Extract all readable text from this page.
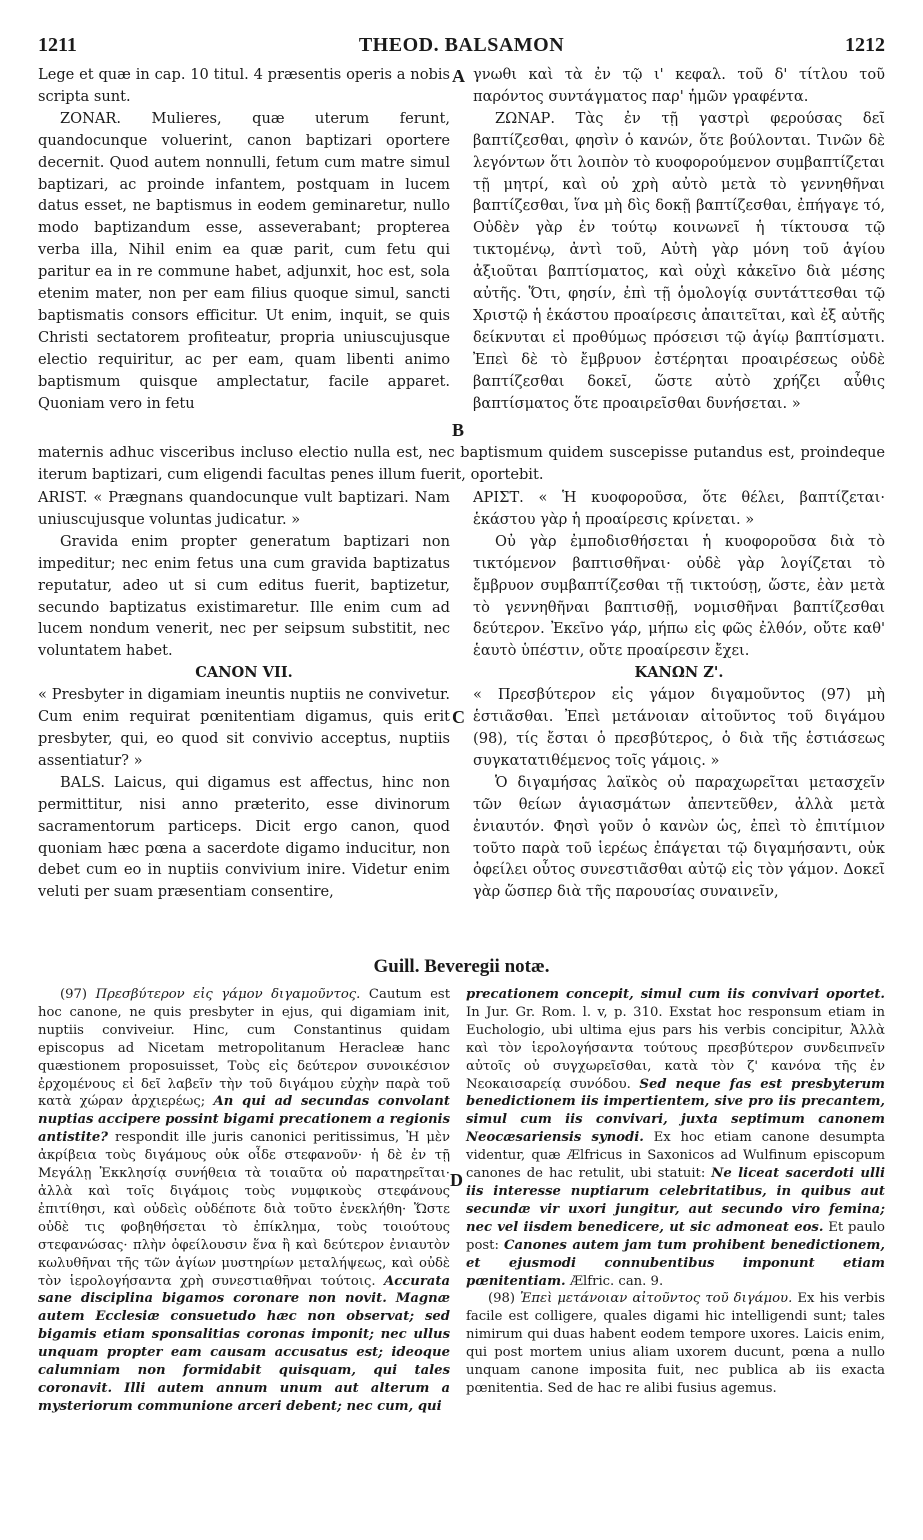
1211	THEOD. BALSAMON	1212
A
B
C
D

Lege et quæ in cap. 10 titul. 4 præsentis operis a nobis scripta sunt.

ZONAR. Mulieres, quæ uterum ferunt, quandocunque voluerint, canon baptizari oportere decernit. Quod autem nonnulli, fetum cum matre simul baptizari, ac proinde infantem, postquam in lucem datus esset, ne baptismus in eodem geminaretur, nullo modo baptizandum esse, asseverabant; propterea verba illa, Nihil enim ea quæ parit, cum fetu qui paritur ea in re commune habet, adjunxit, hoc est, sola etenim mater, non per eam filius quoque simul, sancti baptismatis consors efficitur. Ut enim, inquit, se quis Christi sectatorem profiteatur, propria uniuscujusque electio requiritur, ac per eam, quam libenti animo baptismum quisque amplectatur, facile apparet. Quoniam vero in fetu

γνωθι καὶ τὰ ἐν τῷ ι' κεφαλ. τοῦ δ' τίτλου τοῦ παρόντος συντάγματος παρ' ἡμῶν γραφέντα.

ΖΩΝΑΡ. Τὰς ἐν τῇ γαστρὶ φερούσας δεῖ βαπτίζεσθαι, φησὶν ὁ κανών, ὅτε βούλονται. Τινῶν δὲ λεγόντων ὅτι λοιπὸν τὸ κυοφορούμενον συμβαπτίζεται τῇ μητρί, καὶ οὐ χρὴ αὐτὸ μετὰ τὸ γεννηθῆναι βαπτίζεσθαι, ἵνα μὴ δὶς δοκῇ βαπτίζεσθαι, ἐπήγαγε τό, Οὐδὲν γὰρ ἐν τούτῳ κοινωνεῖ ἡ τίκτουσα τῷ τικτομένῳ, ἀντὶ τοῦ, Αὐτὴ γὰρ μόνη τοῦ ἁγίου ἀξιοῦται βαπτίσματος, καὶ οὐχὶ κἀκεῖνο διὰ μέσης αὐτῆς. Ὅτι, φησίν, ἐπὶ τῇ ὁμολογίᾳ συντάττεσθαι τῷ Χριστῷ ἡ ἑκάστου προαίρεσις ἀπαιτεῖται, καὶ ἐξ αὐτῆς δείκνυται εἰ προθύμως πρόσεισι τῷ ἁγίῳ βαπτίσματι. Ἐπεὶ δὲ τὸ ἔμβρυον ἐστέρηται προαιρέσεως οὐδὲ βαπτίζεσθαι δοκεῖ, ὥστε αὐτὸ χρήζει αὖθις βαπτίσματος ὅτε προαιρεῖσθαι δυνήσεται. »

maternis adhuc visceribus incluso electio nulla est, nec baptismum quidem suscepisse putandus est, proindeque iterum baptizari, cum eligendi facultas penes illum fuerit, oportebit.

ARIST. « Prægnans quandocunque vult baptizari. Nam uniuscujusque voluntas judicatur. »

Gravida enim propter generatum baptizari non impeditur; nec enim fetus una cum gravida baptizatus reputatur, adeo ut si cum editus fuerit, baptizetur, secundo baptizatus existimaretur. Ille enim cum ad lucem nondum venerit, nec per seipsum substitit, nec voluntatem habet.

CANON VII.

« Presbyter in digamiam ineuntis nuptiis ne convivetur. Cum enim requirat pœnitentiam digamus, quis erit presbyter, qui, eo quod sit convivio acceptus, nuptiis assentiatur? »

BALS. Laicus, qui digamus est affectus, hinc non permittitur, nisi anno præterito, esse divinorum sacramentorum particeps. Dicit ergo canon, quod quoniam hæc pœna a sacerdote digamo inducitur, non debet cum eo in nuptiis convivium inire. Videtur enim veluti per suam præsentiam consentire,

ΑΡΙΣΤ. « Ἡ κυοφοροῦσα, ὅτε θέλει, βαπτίζεται· ἑκάστου γὰρ ἡ προαίρεσις κρίνεται. »

Οὐ γὰρ ἐμποδισθήσεται ἡ κυοφοροῦσα διὰ τὸ τικτόμενον βαπτισθῆναι· οὐδὲ γὰρ λογίζεται τὸ ἔμβρυον συμβαπτίζεσθαι τῇ τικτούσῃ, ὥστε, ἐὰν μετὰ τὸ γεννηθῆναι βαπτισθῇ, νομισθῆναι βαπτίζεσθαι δεύτερον. Ἐκεῖνο γάρ, μήπω εἰς φῶς ἐλθόν, οὔτε καθ' ἑαυτὸ ὑπέστιν, οὔτε προαίρεσιν ἔχει.

ΚΑΝΩΝ Ζ'.

« Πρεσβύτερον εἰς γάμον διγαμοῦντος (97) μὴ ἑστιᾶσθαι. Ἐπεὶ μετάνοιαν αἰτοῦντος τοῦ διγάμου (98), τίς ἔσται ὁ πρεσβύτερος, ὁ διὰ τῆς ἑστιάσεως συγκατατιθέμενος τοῖς γάμοις. »

Ὁ διγαμήσας λαϊκὸς οὐ παραχωρεῖται μετασχεῖν τῶν θείων ἁγιασμάτων ἀπεντεῦθεν, ἀλλὰ μετὰ ἐνιαυτόν. Φησὶ γοῦν ὁ κανὼν ὡς, ἐπεὶ τὸ ἐπιτίμιον τοῦτο παρὰ τοῦ ἱερέως ἐπάγεται τῷ διγαμήσαντι, οὐκ ὀφείλει οὗτος συνεστιᾶσθαι αὐτῷ εἰς τὸν γάμον. Δοκεῖ γὰρ ὥσπερ διὰ τῆς παρουσίας συναινεῖν,

Guill. Beveregii notæ.

(97) Πρεσβύτερον εἰς γάμον διγαμοῦντος. Cautum est hoc canone, ne quis presbyter in ejus, qui digamiam init, nuptiis conviveiur. Hinc, cum Constantinus quidam episcopus ad Nicetam metropolitanum Heracleæ hanc quæstionem proposuisset, Τοὺς εἰς δεύτερον συνοικέσιον ἐρχομένους εἰ δεῖ λαβεῖν τὴν τοῦ διγάμου εὐχὴν παρὰ τοῦ κατὰ χώραν ἀρχιερέως; An qui ad secundas convolant nuptias accipere possint bigami precationem a regionis antistite? respondit ille juris canonici peritissimus, Ἡ μὲν ἀκρίβεια τοὺς διγάμους οὐκ οἶδε στεφανοῦν· ἡ δὲ ἐν τῇ Μεγάλῃ Ἐκκλησίᾳ συνήθεια τὰ τοιαῦτα οὐ παρατηρεῖται· ἀλλὰ καὶ τοῖς διγάμοις τοὺς νυμφικοὺς στεφάνους ἐπιτίθησι, καὶ οὐδεὶς οὐδέποτε διὰ τοῦτο ἐνεκλήθη· Ὥστε οὐδὲ τις φοβηθήσεται τὸ ἐπίκλημα, τοὺς τοιούτους στεφανώσας· πλὴν ὀφείλουσιν ἕνα ἢ καὶ δεύτερον ἐνιαυτὸν κωλυθῆναι τῆς τῶν ἁγίων μυστηρίων μεταλήψεως, καὶ οὐδὲ τὸν ἱερολογήσαντα χρὴ συνεστιαθῆναι τούτοις. Accurata sane disciplina bigamos coronare non novit. Magnæ autem Ecclesiæ consuetudo hæc non observat; sed bigamis etiam sponsalitias coronas imponit; nec ullus unquam propter eam causam accusatus est; ideoque calumniam non formidabit quisquam, qui tales coronavit. Illi autem annum unum aut alterum a mysteriorum communione arceri debent; nec cum, qui

precationem concepit, simul cum iis convivari oportet. In Jur. Gr. Rom. l. v, p. 310. Exstat hoc responsum etiam in Euchologio, ubi ultima ejus pars his verbis concipitur, Ἀλλὰ καὶ τὸν ἱερολογήσαντα τούτους πρεσβύτερον συνδειπνεῖν αὐτοῖς οὐ συγχωρεῖσθαι, κατὰ τὸν ζ' κανόνα τῆς ἐν Νεοκαισαρείᾳ συνόδου. Sed neque fas est presbyterum benedictionem iis impertientem, sive pro iis precantem, simul cum iis convivari, juxta septimum canonem Neocæsariensis synodi. Ex hoc etiam canone desumpta videntur, quæ Ælfricus in Saxonicos ad Wulfinum episcopum canones de hac retulit, ubi statuit: Ne liceat sacerdoti ulli iis interesse nuptiarum celebritatibus, in quibus aut secundæ vir uxori jungitur, aut secundo viro femina; nec vel iisdem benedicere, ut sic admoneat eos. Et paulo post: Canones autem jam tum prohibent benedictionem, et ejusmodi connubentibus imponunt etiam pœnitentiam. Ælfric. can. 9.

(98) Ἐπεὶ μετάνοιαν αἰτοῦντος τοῦ διγάμου. Ex his verbis facile est colligere, quales digami hic intelligendi sunt; tales nimirum qui duas habent eodem tempore uxores. Laicis enim, qui post mortem unius aliam uxorem ducunt, pœna a nullo unquam canone imposita fuit, nec publica ab iis exacta pœnitentia. Sed de hac re alibi fusius agemus.
